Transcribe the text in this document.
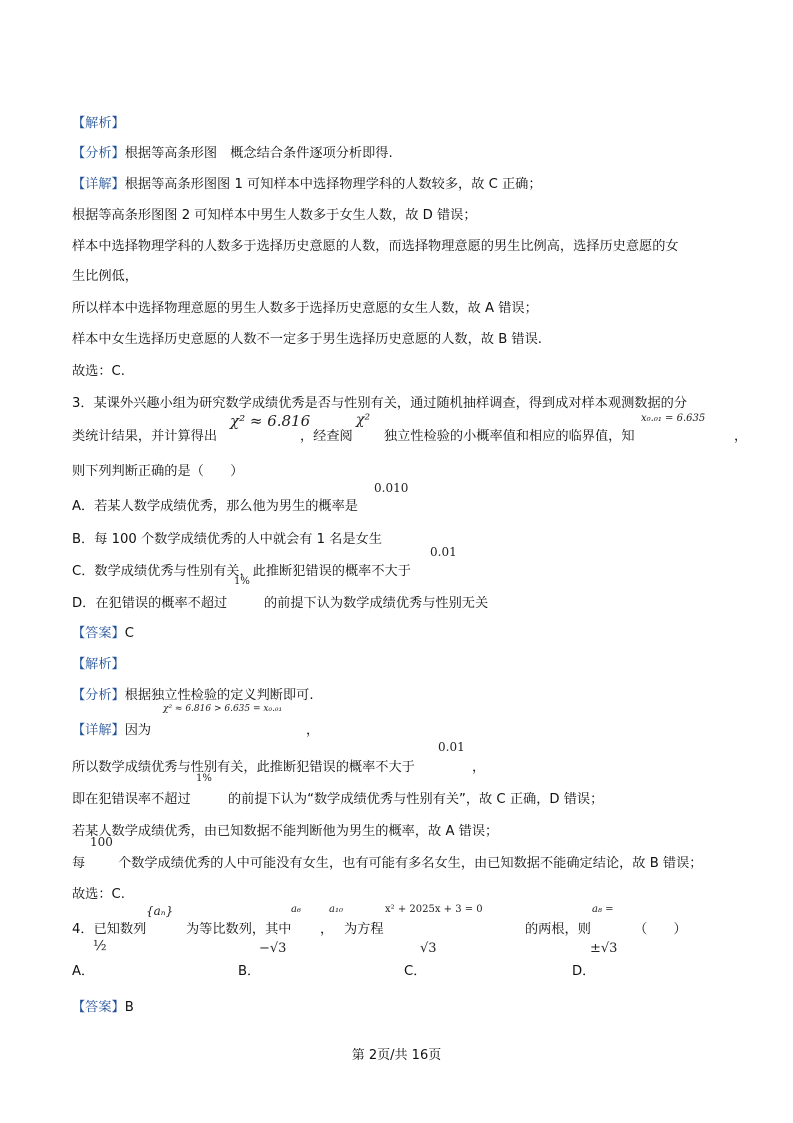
【解析】
【分析】根据等高条形图　概念结合条件逐项分析即得.
【详解】根据等高条形图图 1 可知样本中选择物理学科的人数较多，故 C 正确；
根据等高条形图图 2 可知样本中男生人数多于女生人数，故 D 错误；
样本中选择物理学科的人数多于选择历史意愿的人数，而选择物理意愿的男生比例高，选择历史意愿的女
生比例低，
所以样本中选择物理意愿的男生人数多于选择历史意愿的女生人数，故 A 错误；
样本中女生选择历史意愿的人数不一定多于男生选择历史意愿的人数，故 B 错误.
故选：C.
3．某课外兴趣小组为研究数学成绩优秀是否与性别有关，通过随机抽样调查，得到成对样本观测数据的分
类统计结果，并计算得出
χ² ≈ 6.816
，经查阅
χ²
独立性检验的小概率值和相应的临界值，知
x₀.₀₁ = 6.635
，
则下列判断正确的是（　　）
0.010
A．若某人数学成绩优秀，那么他为男生的概率是
B．每 100 个数学成绩优秀的人中就会有 1 名是女生
0.01
C．数学成绩优秀与性别有关，此推断犯错误的概率不大于
1%
D．在犯错误的概率不超过	的前提下认为数学成绩优秀与性别无关
【答案】C
【解析】
【分析】根据独立性检验的定义判断即可.
χ² ≈ 6.816 > 6.635 = x₀.₀₁
【详解】因为	，
0.01
所以数学成绩优秀与性别有关，此推断犯错误的概率不大于	，
1%
即在犯错误率不超过	的前提下认为“数学成绩优秀与性别有关”，故 C 正确，D 错误；
若某人数学成绩优秀，由已知数据不能判断他为男生的概率，故 A 错误；
100
每 个数学成绩优秀的人中可能没有女生，也有可能有多名女生，由已知数据不能确定结论，故 B 错误；
故选：C.
{aₙ}	a₆	a₁₀	x² + 2025x + 3 = 0	a₈ =
4．已知数列	为等比数列，其中 ， 为方程	的两根，则	（　　）
½	−√3	√3	±√3
A．	B．	C．	D．
【答案】B
第 2页/共 16页
